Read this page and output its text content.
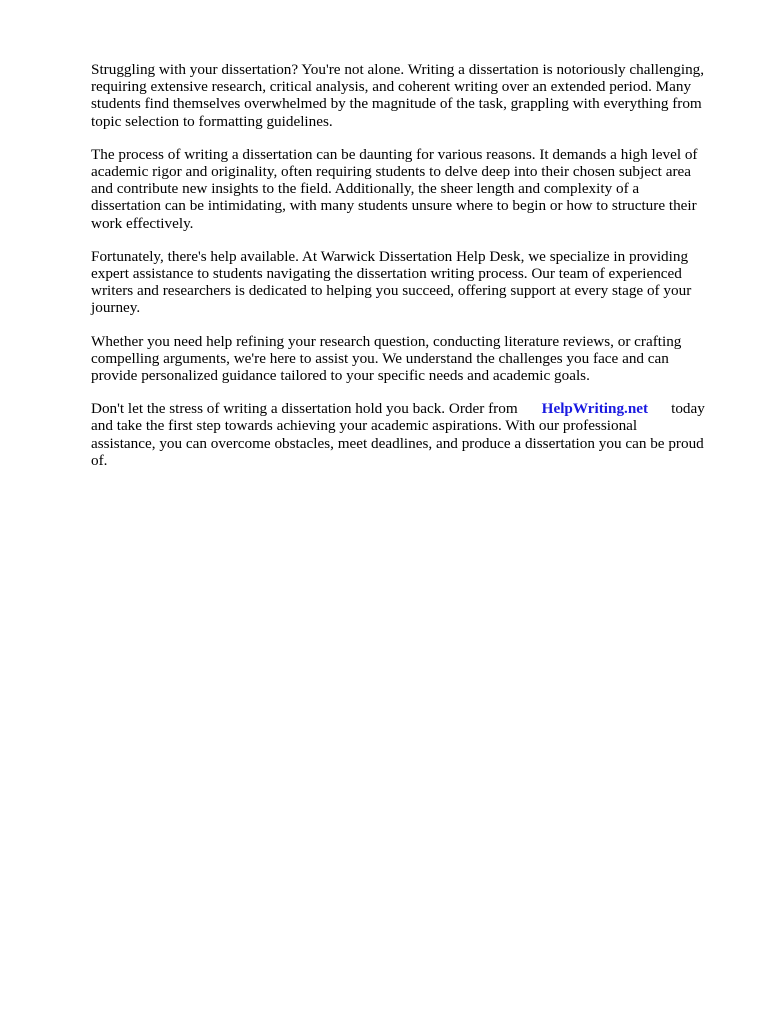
Struggling with your dissertation? You're not alone. Writing a dissertation is notoriously challenging,
requiring extensive research, critical analysis, and coherent writing over an extended period. Many
students find themselves overwhelmed by the magnitude of the task, grappling with everything from
topic selection to formatting guidelines.

The process of writing a dissertation can be daunting for various reasons. It demands a high level of
academic rigor and originality, often requiring students to delve deep into their chosen subject area
and contribute new insights to the field. Additionally, the sheer length and complexity of a
dissertation can be intimidating, with many students unsure where to begin or how to structure their
work effectively.

Fortunately, there's help available. At Warwick Dissertation Help Desk, we specialize in providing
expert assistance to students navigating the dissertation writing process. Our team of experienced
writers and researchers is dedicated to helping you succeed, offering support at every stage of your
journey.

Whether you need help refining your research question, conducting literature reviews, or crafting
compelling arguments, we're here to assist you. We understand the challenges you face and can
provide personalized guidance tailored to your specific needs and academic goals.

Don't let the stress of writing a dissertation hold you back. Order from HelpWriting.net today
and take the first step towards achieving your academic aspirations. With our professional
assistance, you can overcome obstacles, meet deadlines, and produce a dissertation you can be proud
of.
